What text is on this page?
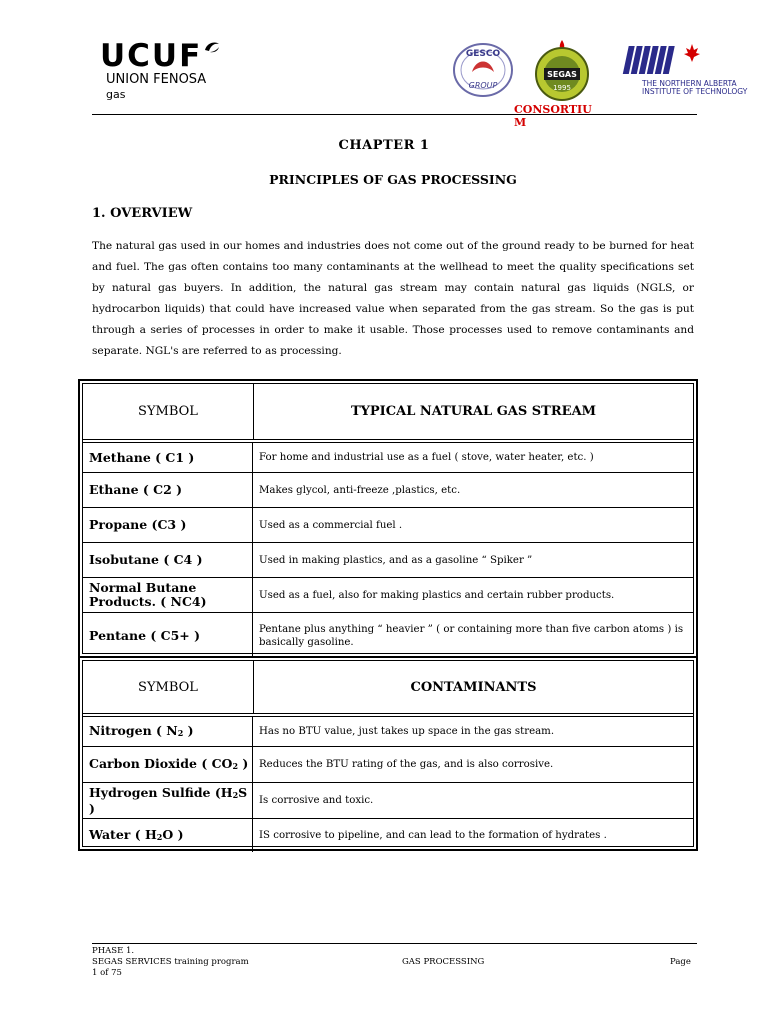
UCUF
UNION FENOSA
gas
GESCO
GROUP
SEGAS
1995
CONSORTIU M
THE NORTHERN ALBERTA
INSTITUTE OF TECHNOLOGY
CHAPTER 1
PRINCIPLES OF GAS PROCESSING
1. OVERVIEW
The natural gas used in our homes and industries does not come out of the ground ready to be burned for heat and fuel. The gas often contains too many contaminants at the wellhead to meet the quality specifications set by natural gas buyers. In addition, the natural gas stream may contain natural gas liquids (NGLS, or hydrocarbon liquids) that could have increased value when separated from the gas stream. So the gas is put through a series of processes in order to make it usable. Those processes used to remove contaminants and separate. NGL's are referred to as processing.
SYMBOL	TYPICAL NATURAL GAS STREAM
Methane ( C1 )	For home and industrial use as a fuel ( stove, water heater, etc. )
Ethane ( C2 )	Makes glycol, anti-freeze ,plastics, etc.
Propane (C3 )	Used as a commercial fuel .
Isobutane ( C4 )	Used in making plastics, and as a gasoline “ Spiker ”
Normal Butane Products. ( NC4)	Used as a fuel, also for making plastics and certain rubber products.
Pentane ( C5+ )	Pentane plus anything “ heavier ” ( or containing more than five carbon atoms ) is basically gasoline.
SYMBOL	CONTAMINANTS
Nitrogen ( $N_2$ )	Has no BTU value, just takes up space in the gas stream.
Carbon Dioxide ( $CO_2$ )	Reduces the BTU rating of the gas, and is also corrosive.
Hydrogen Sulfide ($H_2S$ )	Is corrosive and toxic.
Water ( $H_2O$ )	IS corrosive to pipeline, and can lead to the formation of hydrates .
PHASE 1.
SEGAS SERVICES training program
1 of 75
GAS PROCESSING	Page
